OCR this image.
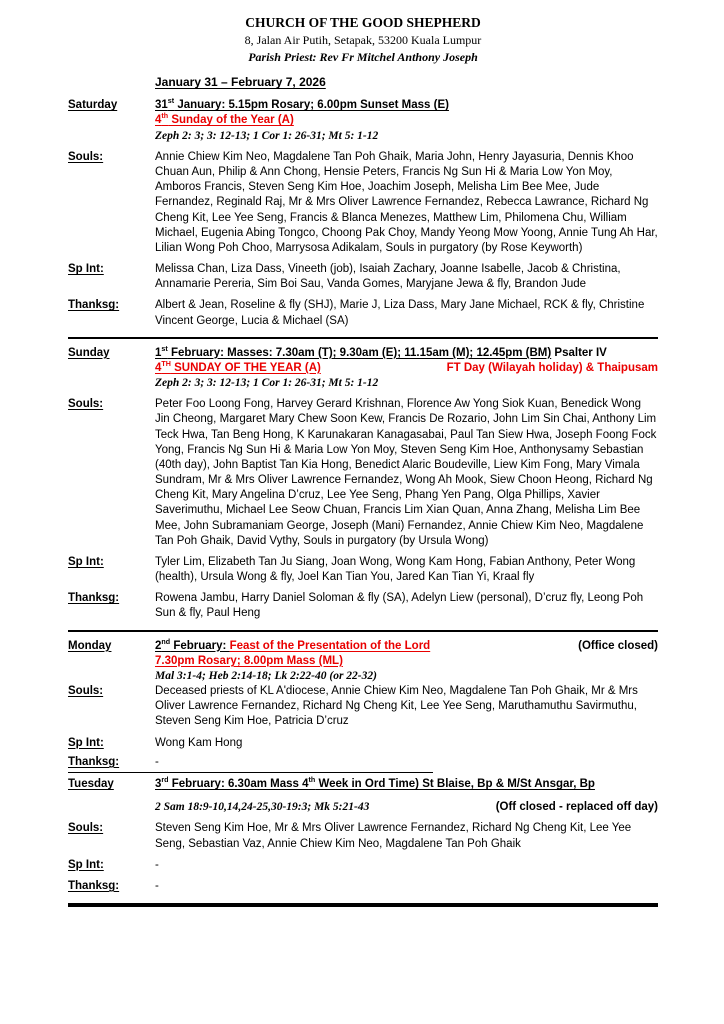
CHURCH OF THE GOOD SHEPHERD
8, Jalan Air Putih, Setapak, 53200 Kuala Lumpur
Parish Priest: Rev Fr Mitchel Anthony Joseph
January 31 – February 7, 2026
Saturday	31st January: 5.15pm Rosary; 6.00pm Sunset Mass (E)
4th Sunday of the Year (A)
Zeph 2: 3; 3: 12-13; 1 Cor 1: 26-31; Mt 5: 1-12
Souls:	Annie Chiew Kim Neo, Magdalene Tan Poh Ghaik, Maria John, Henry Jayasuria, Dennis Khoo Chuan Aun, Philip & Ann Chong, Hensie Peters, Francis Ng Sun Hi & Maria Low Yon Moy, Amboros Francis, Steven Seng Kim Hoe, Joachim Joseph, Melisha Lim Bee Mee, Jude Fernandez, Reginald Raj, Mr & Mrs Oliver Lawrence Fernandez, Rebecca Lawrance, Richard Ng Cheng Kit, Lee Yee Seng, Francis & Blanca Menezes, Matthew Lim, Philomena Chu, William Michael, Eugenia Abing Tongco, Choong Pak Choy, Mandy Yeong Mow Yoong, Annie Tung Ah Har, Lilian Wong Poh Choo, Marrysosa Adikalam, Souls in purgatory (by Rose Keyworth)
Sp Int:	Melissa Chan, Liza Dass, Vineeth (job), Isaiah Zachary, Joanne Isabelle, Jacob & Christina, Annamarie Pereria, Sim Boi Sau, Vanda Gomes, Maryjane Jewa & fly, Brandon Jude
Thanksg:	Albert & Jean, Roseline & fly (SHJ), Marie J, Liza Dass, Mary Jane Michael, RCK & fly, Christine Vincent George, Lucia & Michael (SA)
Sunday	1st February: Masses: 7.30am (T); 9.30am (E); 11.15am (M); 12.45pm (BM) Psalter IV
4TH SUNDAY OF THE YEAR (A)	FT Day (Wilayah holiday) & Thaipusam
Zeph 2: 3; 3: 12-13; 1 Cor 1: 26-31; Mt 5: 1-12
Souls:	Peter Foo Loong Fong, Harvey Gerard Krishnan, Florence Aw Yong Siok Kuan, Benedick Wong Jin Cheong, Margaret Mary Chew Soon Kew, Francis De Rozario, John Lim Sin Chai, Anthony Lim Teck Hwa, Tan Beng Hong, K Karunakaran Kanagasabai, Paul Tan Siew Hwa, Joseph Foong Fock Yong, Francis Ng Sun Hi & Maria Low Yon Moy, Steven Seng Kim Hoe, Anthonysamy Sebastian (40th day), John Baptist Tan Kia Hong, Benedict Alaric Boudeville, Liew Kim Fong, Mary Vimala Sundram, Mr & Mrs Oliver Lawrence Fernandez, Wong Ah Mook, Siew Choon Heong, Richard Ng Cheng Kit, Mary Angelina D’cruz, Lee Yee Seng, Phang Yen Pang, Olga Phillips, Xavier Saverimuthu, Michael Lee Seow Chuan, Francis Lim Xian Quan, Anna Zhang, Melisha Lim Bee Mee, John Subramaniam George, Joseph (Mani) Fernandez, Annie Chiew Kim Neo, Magdalene Tan Poh Ghaik, David Vythy, Souls in purgatory (by Ursula Wong)
Sp Int:	Tyler Lim, Elizabeth Tan Ju Siang, Joan Wong, Wong Kam Hong, Fabian Anthony, Peter Wong (health), Ursula Wong & fly, Joel Kan Tian You, Jared Kan Tian Yi, Kraal fly
Thanksg:	Rowena Jambu, Harry Daniel Soloman & fly (SA), Adelyn Liew (personal), D’cruz fly, Leong Poh Sun & fly, Paul Heng
Monday	2nd February: Feast of the Presentation of the Lord	(Office closed)
7.30pm Rosary; 8.00pm Mass (ML)
Mal 3:1-4; Heb 2:14-18; Lk 2:22-40 (or 22-32)
Souls:	Deceased priests of KL A'diocese, Annie Chiew Kim Neo, Magdalene Tan Poh Ghaik, Mr & Mrs Oliver Lawrence Fernandez, Richard Ng Cheng Kit, Lee Yee Seng, Maruthamuthu Savirmuthu, Steven Seng Kim Hoe, Patricia D’cruz
Sp Int:	Wong Kam Hong
Thanksg:	-
Tuesday	3rd February: 6.30am Mass 4th Week in Ord Time) St Blaise, Bp & M/St Ansgar, Bp
2 Sam 18:9-10,14,24-25,30-19:3; Mk 5:21-43	(Off closed - replaced off day)
Souls:	Steven Seng Kim Hoe, Mr & Mrs Oliver Lawrence Fernandez, Richard Ng Cheng Kit, Lee Yee Seng, Sebastian Vaz, Annie Chiew Kim Neo, Magdalene Tan Poh Ghaik
Sp Int:	-
Thanksg:	-
